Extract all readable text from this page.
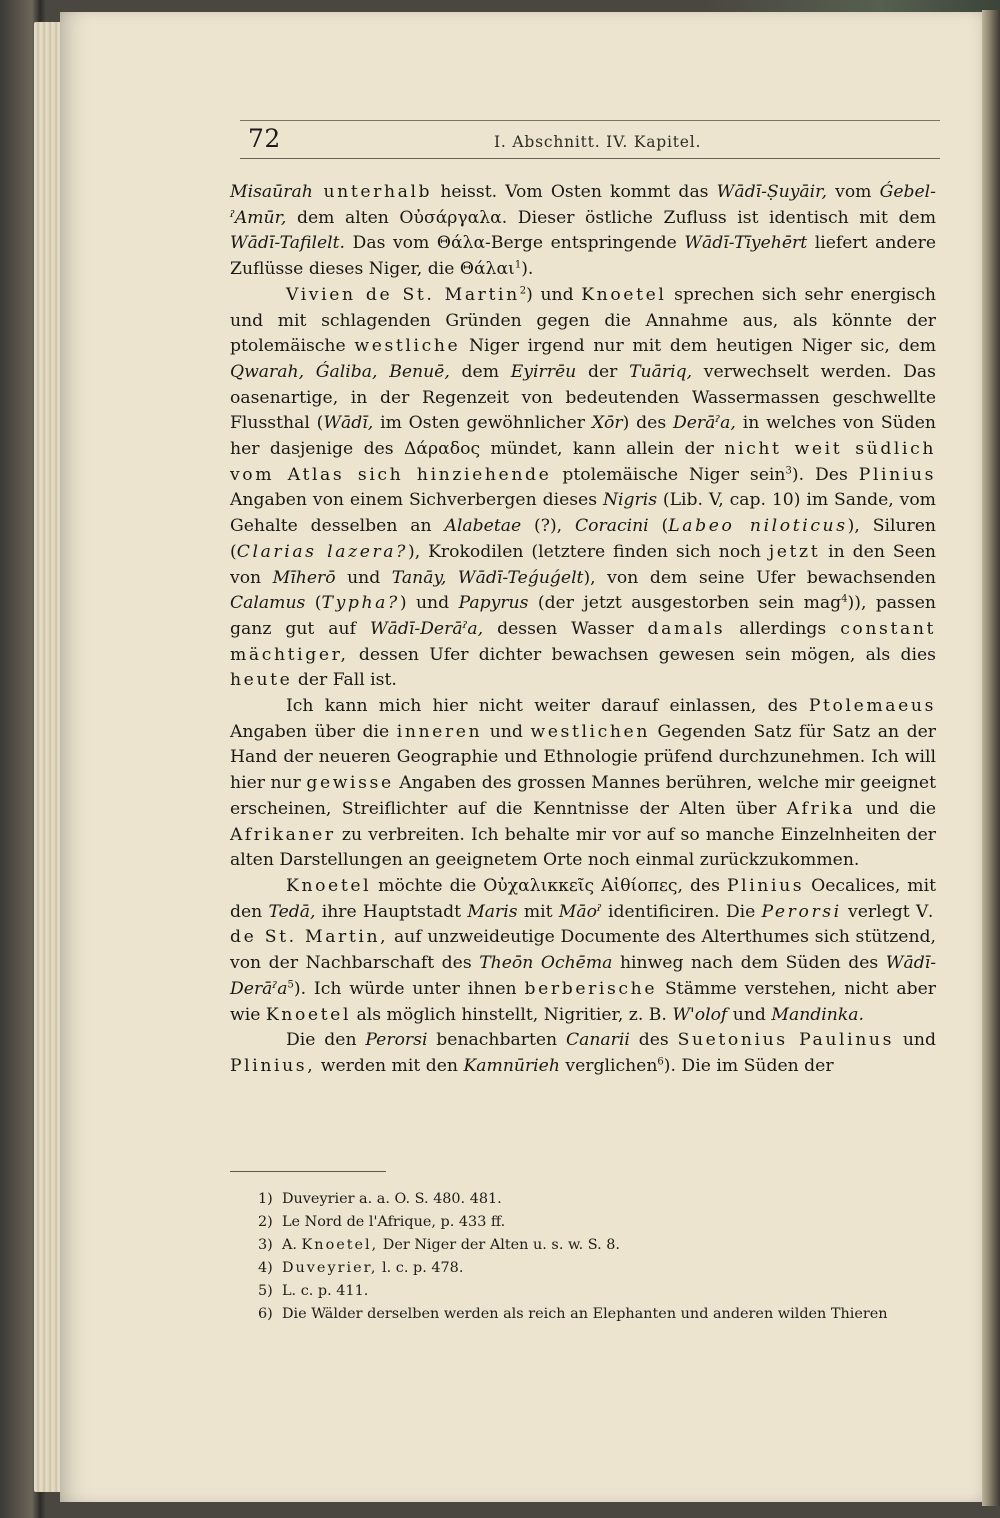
72	I. Abschnitt. IV. Kapitel.

Misaūrah unterhalb heisst. Vom Osten kommt das Wādī-Ṣuyāir, vom Ǵebel-ˀAmūr, dem alten Οὐσάργαλα. Dieser östliche Zufluss ist identisch mit dem Wādī-Tafilelt. Das vom Θάλα-Berge entspringende Wādī-Tīyehērt liefert andere Zuflüsse dieses Niger, die Θάλαι$^1$).

Vivien de St. Martin$^2$) und Knoetel sprechen sich sehr energisch und mit schlagenden Gründen gegen die Annahme aus, als könnte der ptolemäische westliche Niger irgend nur mit dem heutigen Niger sic, dem Qwarah, Ǵaliba, Benuē, dem Eyirrēu der Tuāriq, verwechselt werden. Das oasenartige, in der Regenzeit von bedeutenden Wassermassen geschwellte Flussthal (Wādī, im Osten gewöhnlicher Xōr) des Derāˀa, in welches von Süden her dasjenige des Δάραδος mündet, kann allein der nicht weit südlich vom Atlas sich hinziehende ptolemäische Niger sein$^3$). Des Plinius Angaben von einem Sichverbergen dieses Nigris (Lib. V, cap. 10) im Sande, vom Gehalte desselben an Alabetae (?), Coracini (Labeo niloticus), Siluren (Clarias lazera?), Krokodilen (letztere finden sich noch jetzt in den Seen von Mīherō und Tanāy, Wādī-Teǵuǵelt), von dem seine Ufer bewachsenden Calamus (Typha?) und Papyrus (der jetzt ausgestorben sein mag$^4$)), passen ganz gut auf Wādī-Derāˀa, dessen Wasser damals allerdings constant mächtiger, dessen Ufer dichter bewachsen gewesen sein mögen, als dies heute der Fall ist.

Ich kann mich hier nicht weiter darauf einlassen, des Ptolemaeus Angaben über die inneren und westlichen Gegenden Satz für Satz an der Hand der neueren Geographie und Ethnologie prüfend durchzunehmen. Ich will hier nur gewisse Angaben des grossen Mannes berühren, welche mir geeignet erscheinen, Streiflichter auf die Kenntnisse der Alten über Afrika und die Afrikaner zu verbreiten. Ich behalte mir vor auf so manche Einzelnheiten der alten Darstellungen an geeignetem Orte noch einmal zurückzukommen.

Knoetel möchte die Οὐχαλικκεῖς Αἰθίοπες, des Plinius Oecalices, mit den Tedā, ihre Hauptstadt Maris mit Māoˀ identificiren. Die Perorsi verlegt V. de St. Martin, auf unzweideutige Documente des Alterthumes sich stützend, von der Nachbarschaft des Theōn Ochēma hinweg nach dem Süden des Wādī-Derāˀa$^5$). Ich würde unter ihnen berberische Stämme verstehen, nicht aber wie Knoetel als möglich hinstellt, Nigritier, z. B. W'olof und Mandinka.

Die den Perorsi benachbarten Canarii des Suetonius Paulinus und Plinius, werden mit den Kamnūrieh verglichen$^6$). Die im Süden der

1) Duveyrier a. a. O. S. 480. 481.
2) Le Nord de l'Afrique, p. 433 ff.
3) A. Knoetel, Der Niger der Alten u. s. w. S. 8.
4) Duveyrier, l. c. p. 478.
5) L. c. p. 411.
6) Die Wälder derselben werden als reich an Elephanten und anderen wilden Thieren
